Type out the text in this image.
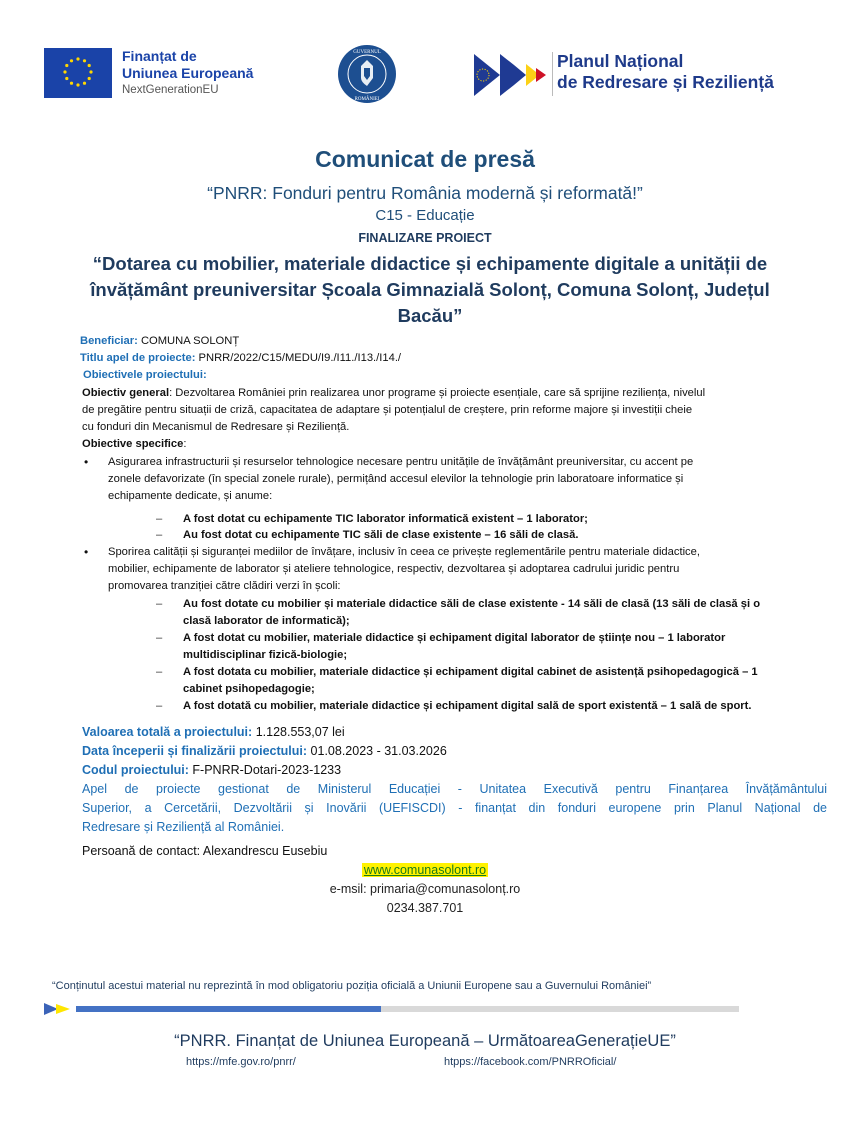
Finanțat de
Uniunea Europeană
NextGenerationEU
GUVERNUL
ROMÂNIEI
Planul Național
de Redresare și Reziliență
Comunicat de presă
“PNRR: Fonduri pentru România modernă și reformată!”
C15 - Educație
FINALIZARE PROIECT
“Dotarea cu mobilier, materiale didactice și echipamente digitale a unității de
învățământ preuniversitar Școala Gimnazială Solonț, Comuna Solonț, Județul
Bacău”
Beneficiar: COMUNA SOLONȚ
Titlu apel de proiecte: PNRR/2022/C15/MEDU/I9./I11./I13./I14./
Obiectivele proiectului:
Obiectiv general: Dezvoltarea României prin realizarea unor programe și proiecte esențiale, care să sprijine reziliența, nivelul
de pregătire pentru situații de criză, capacitatea de adaptare și potențialul de creștere, prin reforme majore și investiții cheie
cu fonduri din Mecanismul de Redresare și Reziliență.
Obiective specifice:
• Asigurarea infrastructurii și resurselor tehnologice necesare pentru unitățile de învățământ preuniversitar, cu accent pe
zonele defavorizate (în special zonele rurale), permițând accesul elevilor la tehnologie prin laboratoare informatice și
echipamente dedicate, și anume:
– A fost dotat cu echipamente TIC laborator informatică existent – 1 laborator;
– Au fost dotat cu echipamente TIC săli de clase existente – 16 săli de clasă.
• Sporirea calității și siguranței mediilor de învățare, inclusiv în ceea ce privește reglementările pentru materiale didactice,
mobilier, echipamente de laborator și ateliere tehnologice, respectiv, dezvoltarea și adoptarea cadrului juridic pentru
promovarea tranziției către clădiri verzi în școli:
– Au fost dotate cu mobilier și materiale didactice săli de clase existente - 14 săli de clasă (13 săli de clasă și o
clasă laborator de informatică);
– A fost dotat cu mobilier, materiale didactice și echipament digital laborator de științe nou – 1 laborator
multidisciplinar fizică-biologie;
– A fost dotata cu mobilier, materiale didactice și echipament digital cabinet de asistență psihopedagogică – 1
cabinet psihopedagogie;
– A fost dotată cu mobilier, materiale didactice și echipament digital sală de sport existentă – 1 sală de sport.
Valoarea totală a proiectului: 1.128.553,07 lei
Data începerii și finalizării proiectului: 01.08.2023 - 31.03.2026
Codul proiectului: F-PNRR-Dotari-2023-1233
Apel de proiecte gestionat de Ministerul Educației - Unitatea Executivă pentru Finanțarea Învățământului
Superior, a Cercetării, Dezvoltării și Inovării (UEFISCDI) - finanțat din fonduri europene prin Planul Național de
Redresare și Reziliență al României.
Persoană de contact: Alexandrescu Eusebiu
www.comunasolont.ro
e-msil: primaria@comunasolonț.ro
0234.387.701
“Conținutul acestui material nu reprezintă în mod obligatoriu poziția oficială a Uniunii Europene sau a Guvernului României”
“PNRR. Finanțat de Uniunea Europeană – UrmătoareaGenerațieUE”
https://mfe.gov.ro/pnrr/	htpps://facebook.com/PNRROficial/
